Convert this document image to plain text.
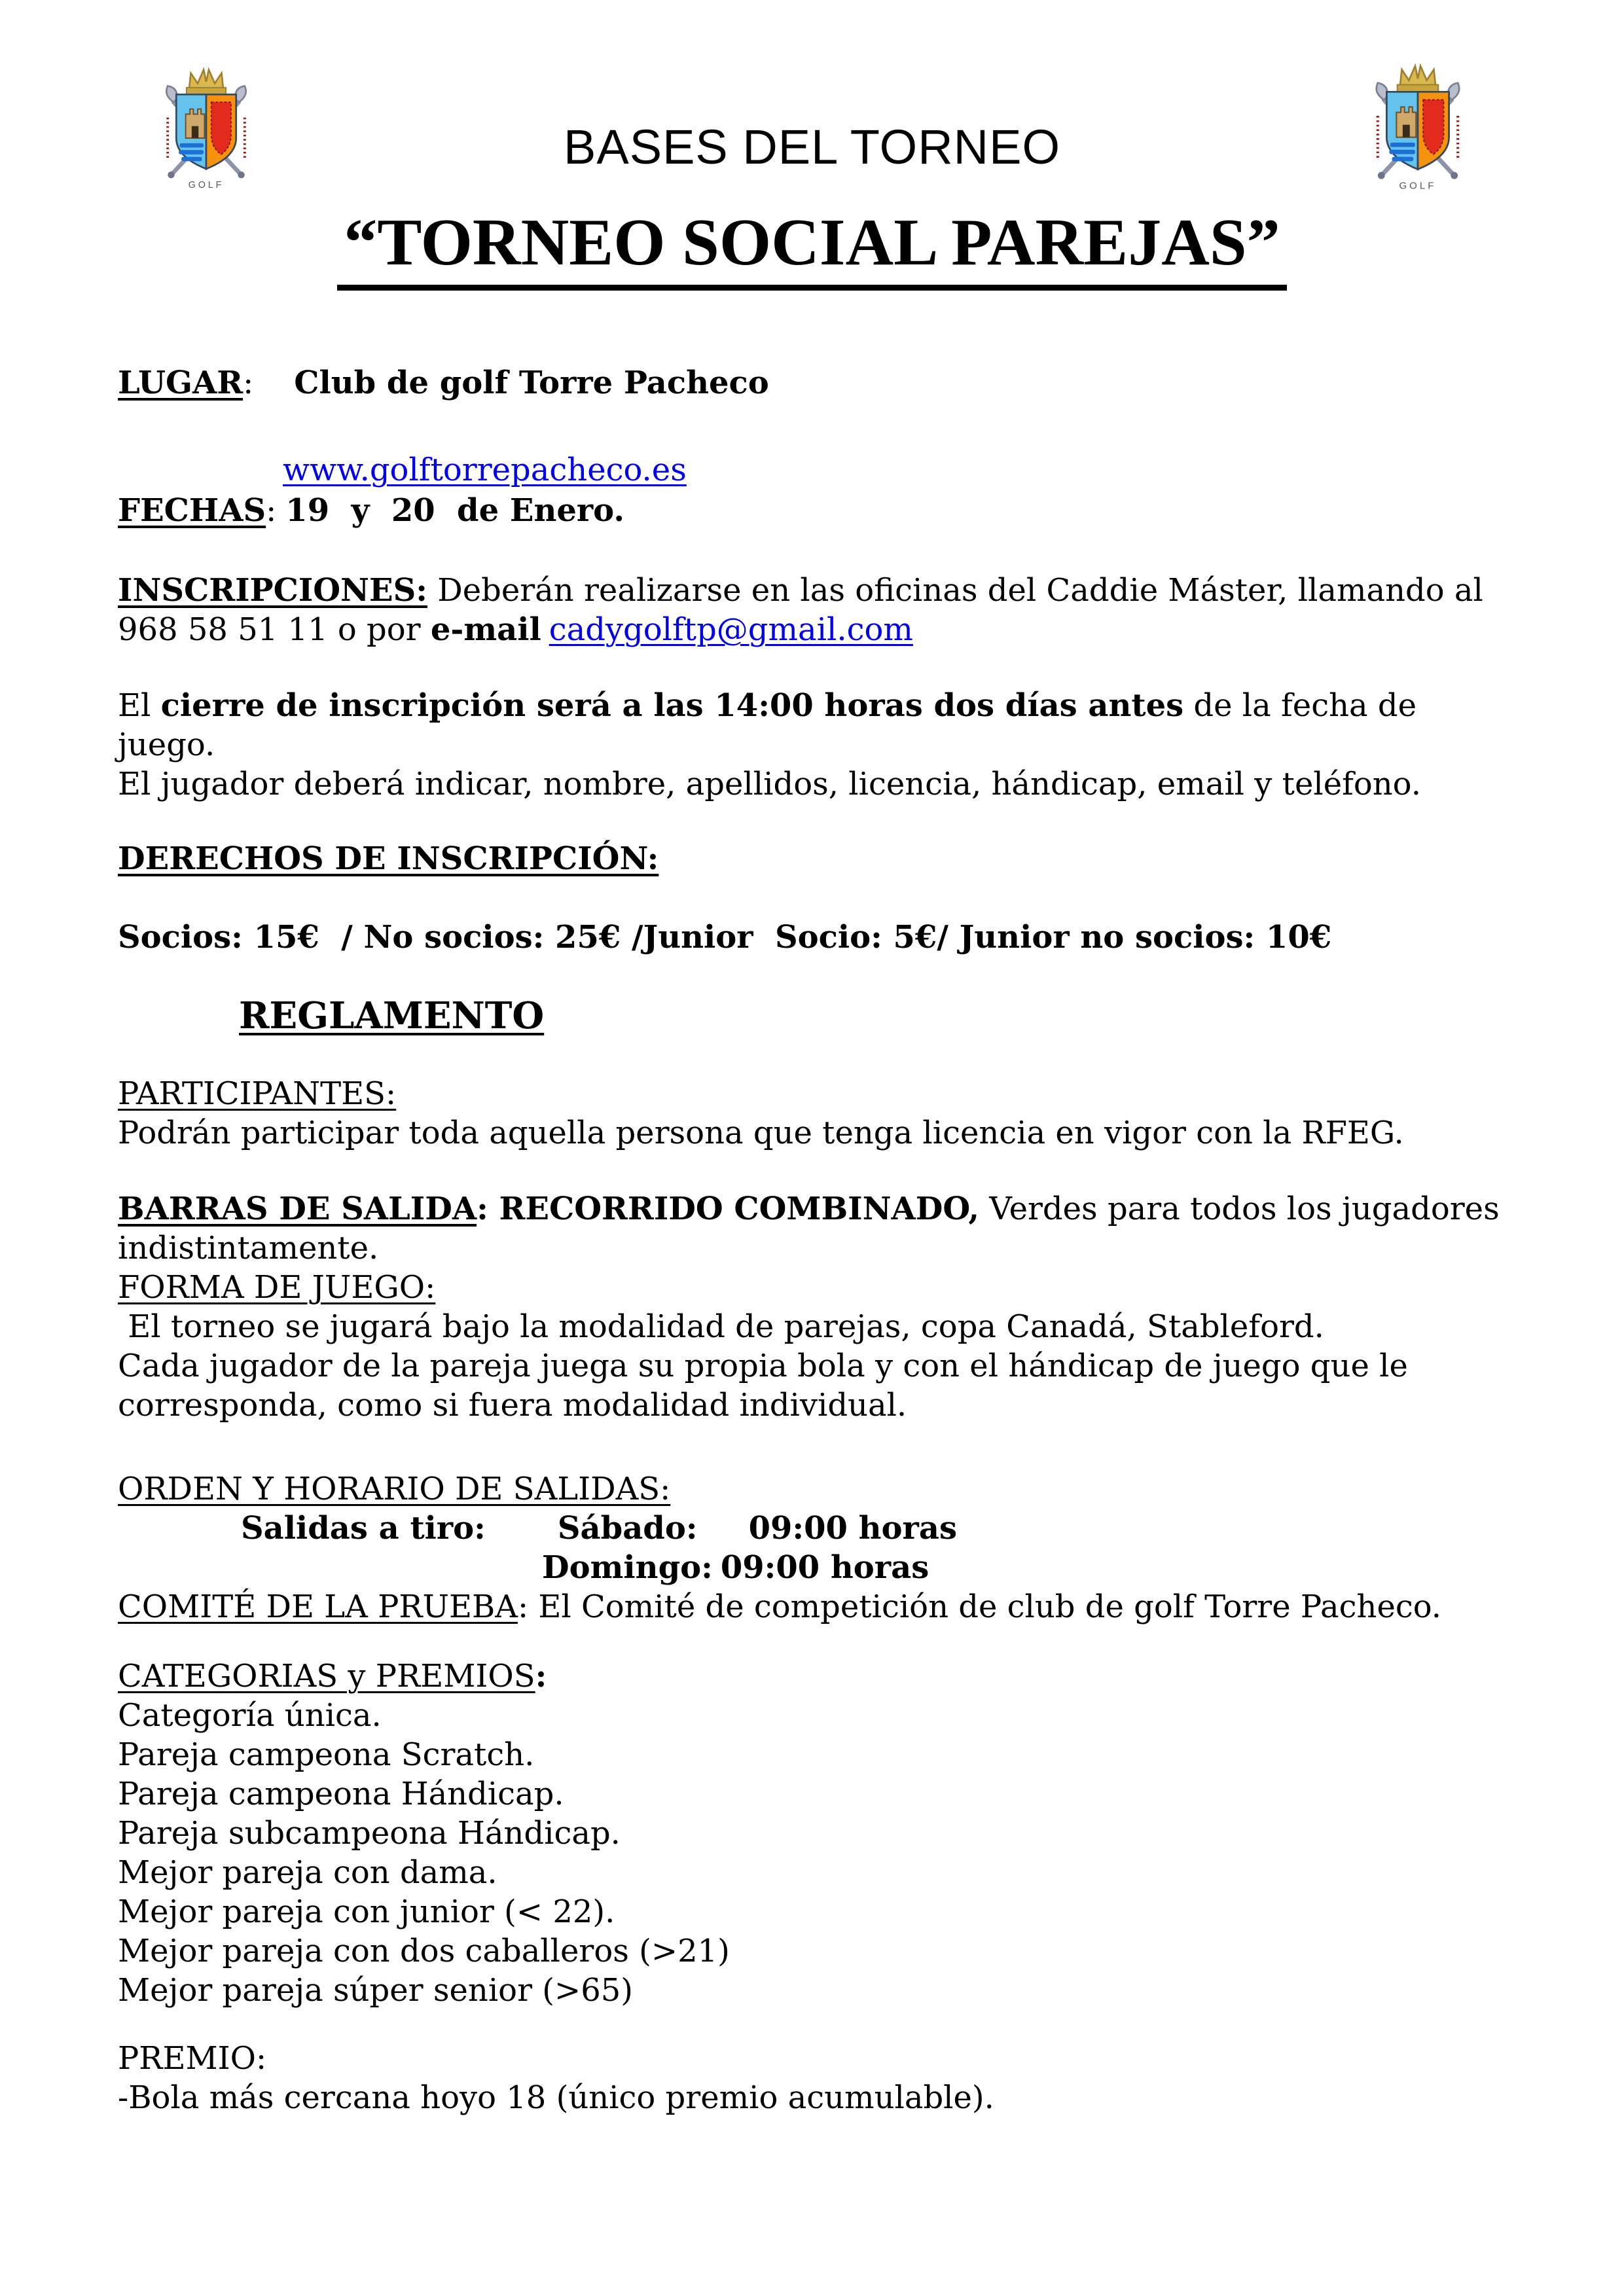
BASES DEL TORNEO
“TORNEO SOCIAL PAREJAS”

LUGAR: Club de golf Torre Pacheco

www.golftorrepacheco.es

FECHAS: 19  y  20  de Enero.

INSCRIPCIONES: Deberán realizarse en las oficinas del Caddie Máster, llamando al

968 58 51 11 o por e-mail cadygolftp@gmail.com

El cierre de inscripción será a las 14:00 horas dos días antes de la fecha de juego.

El jugador deberá indicar, nombre, apellidos, licencia, hándicap, email y teléfono.

DERECHOS DE INSCRIPCIÓN:

Socios: 15€  / No socios: 25€ /Junior  Socio: 5€/ Junior no socios: 10€

REGLAMENTO

PARTICIPANTES:

Podrán participar toda aquella persona que tenga licencia en vigor con la RFEG.

BARRAS DE SALIDA: RECORRIDO COMBINADO, Verdes para todos los jugadores

indistintamente.

FORMA DE JUEGO:

El torneo se jugará bajo la modalidad de parejas, copa Canadá, Stableford.

Cada jugador de la pareja juega su propia bola y con el hándicap de juego que le

corresponda, como si fuera modalidad individual.

ORDEN Y HORARIO DE SALIDAS:

Salidas a tiro: Sábado: 09:00 horas

Domingo: 09:00 horas

COMITÉ DE LA PRUEBA: El Comité de competición de club de golf Torre Pacheco.

CATEGORIAS y PREMIOS:

Categoría única.

Pareja campeona Scratch.

Pareja campeona Hándicap.

Pareja subcampeona Hándicap.

Mejor pareja con dama.

Mejor pareja con junior (< 22).

Mejor pareja con dos caballeros (>21)

Mejor pareja súper senior (>65)

PREMIO:

-Bola más cercana hoyo 18 (único premio acumulable).
